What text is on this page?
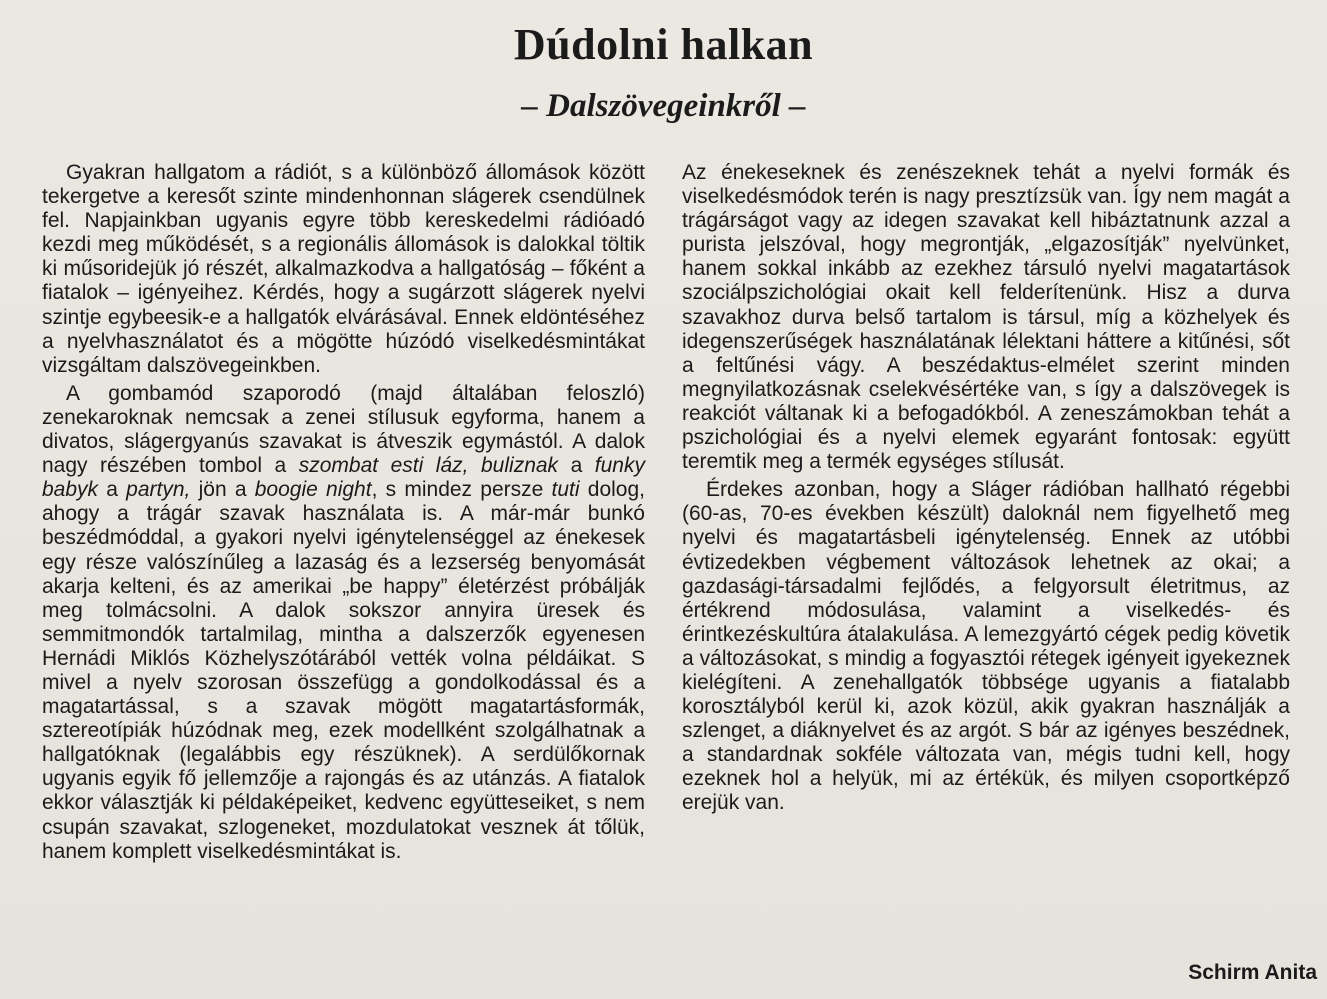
Dúdolni halkan
– Dalszövegeinkről –

Gyakran hallgatom a rádiót, s a különböző állomások között tekergetve a keresőt szinte mindenhonnan slágerek csendülnek fel. Napjainkban ugyanis egyre több kereskedelmi rádióadó kezdi meg működését, s a regionális állomások is dalokkal töltik ki műsoridejük jó részét, alkalmazkodva a hallgatóság – főként a fiatalok – igényeihez. Kérdés, hogy a sugárzott slágerek nyelvi szintje egybeesik-e a hallgatók elvárásával. Ennek eldöntéséhez a nyelvhasználatot és a mögötte húzódó viselkedésmintákat vizsgáltam dalszövegeinkben.

A gombamód szaporodó (majd általában feloszló) zenekaroknak nemcsak a zenei stílusuk egyforma, hanem a divatos, slágergyanús szavakat is átveszik egymástól. A dalok nagy részében tombol a szombat esti láz, buliznak a funky babyk a partyn, jön a boogie night, s mindez persze tuti dolog, ahogy a trágár szavak használata is. A már-már bunkó beszédmóddal, a gyakori nyelvi igénytelenséggel az énekesek egy része valószínűleg a lazaság és a lezserség benyomását akarja kelteni, és az amerikai „be happy” életérzést próbálják meg tolmácsolni. A dalok sokszor annyira üresek és semmitmondók tartalmilag, mintha a dalszerzők egyenesen Hernádi Miklós Közhelyszótárából vették volna példáikat. S mivel a nyelv szorosan összefügg a gondolkodással és a magatartással, s a szavak mögött magatartásformák, sztereotípiák húzódnak meg, ezek modellként szolgálhatnak a hallgatóknak (legalábbis egy részüknek). A serdülőkornak ugyanis egyik fő jellemzője a rajongás és az utánzás. A fiatalok ekkor választják ki példaképeiket, kedvenc együtteseiket, s nem csupán szavakat, szlogeneket, mozdulatokat vesznek át tőlük, hanem komplett viselkedésmintákat is.

Az énekeseknek és zenészeknek tehát a nyelvi formák és viselkedésmódok terén is nagy presztízsük van. Így nem magát a trágárságot vagy az idegen szavakat kell hibáztatnunk azzal a purista jelszóval, hogy megrontják, „elgazosítják” nyelvünket, hanem sokkal inkább az ezekhez társuló nyelvi magatartások szociálpszichológiai okait kell felderítenünk. Hisz a durva szavakhoz durva belső tartalom is társul, míg a közhelyek és idegenszerűségek használatának lélektani háttere a kitűnési, sőt a feltűnési vágy. A beszédaktus-elmélet szerint minden megnyilatkozásnak cselekvésértéke van, s így a dalszövegek is reakciót váltanak ki a befogadókból. A zeneszámokban tehát a pszichológiai és a nyelvi elemek egyaránt fontosak: együtt teremtik meg a termék egységes stílusát.

Érdekes azonban, hogy a Sláger rádióban hallható régebbi (60-as, 70-es években készült) daloknál nem figyelhető meg nyelvi és magatartásbeli igénytelenség. Ennek az utóbbi évtizedekben végbement változások lehetnek az okai; a gazdasági-társadalmi fejlődés, a felgyorsult életritmus, az értékrend módosulása, valamint a viselkedés- és érintkezéskultúra átalakulása. A lemezgyártó cégek pedig követik a változásokat, s mindig a fogyasztói rétegek igényeit igyekeznek kielégíteni. A zenehallgatók többsége ugyanis a fiatalabb korosztályból kerül ki, azok közül, akik gyakran használják a szlenget, a diáknyelvet és az argót. S bár az igényes beszédnek, a standardnak sokféle változata van, mégis tudni kell, hogy ezeknek hol a helyük, mi az értékük, és milyen csoportképző erejük van.

Schirm Anita
